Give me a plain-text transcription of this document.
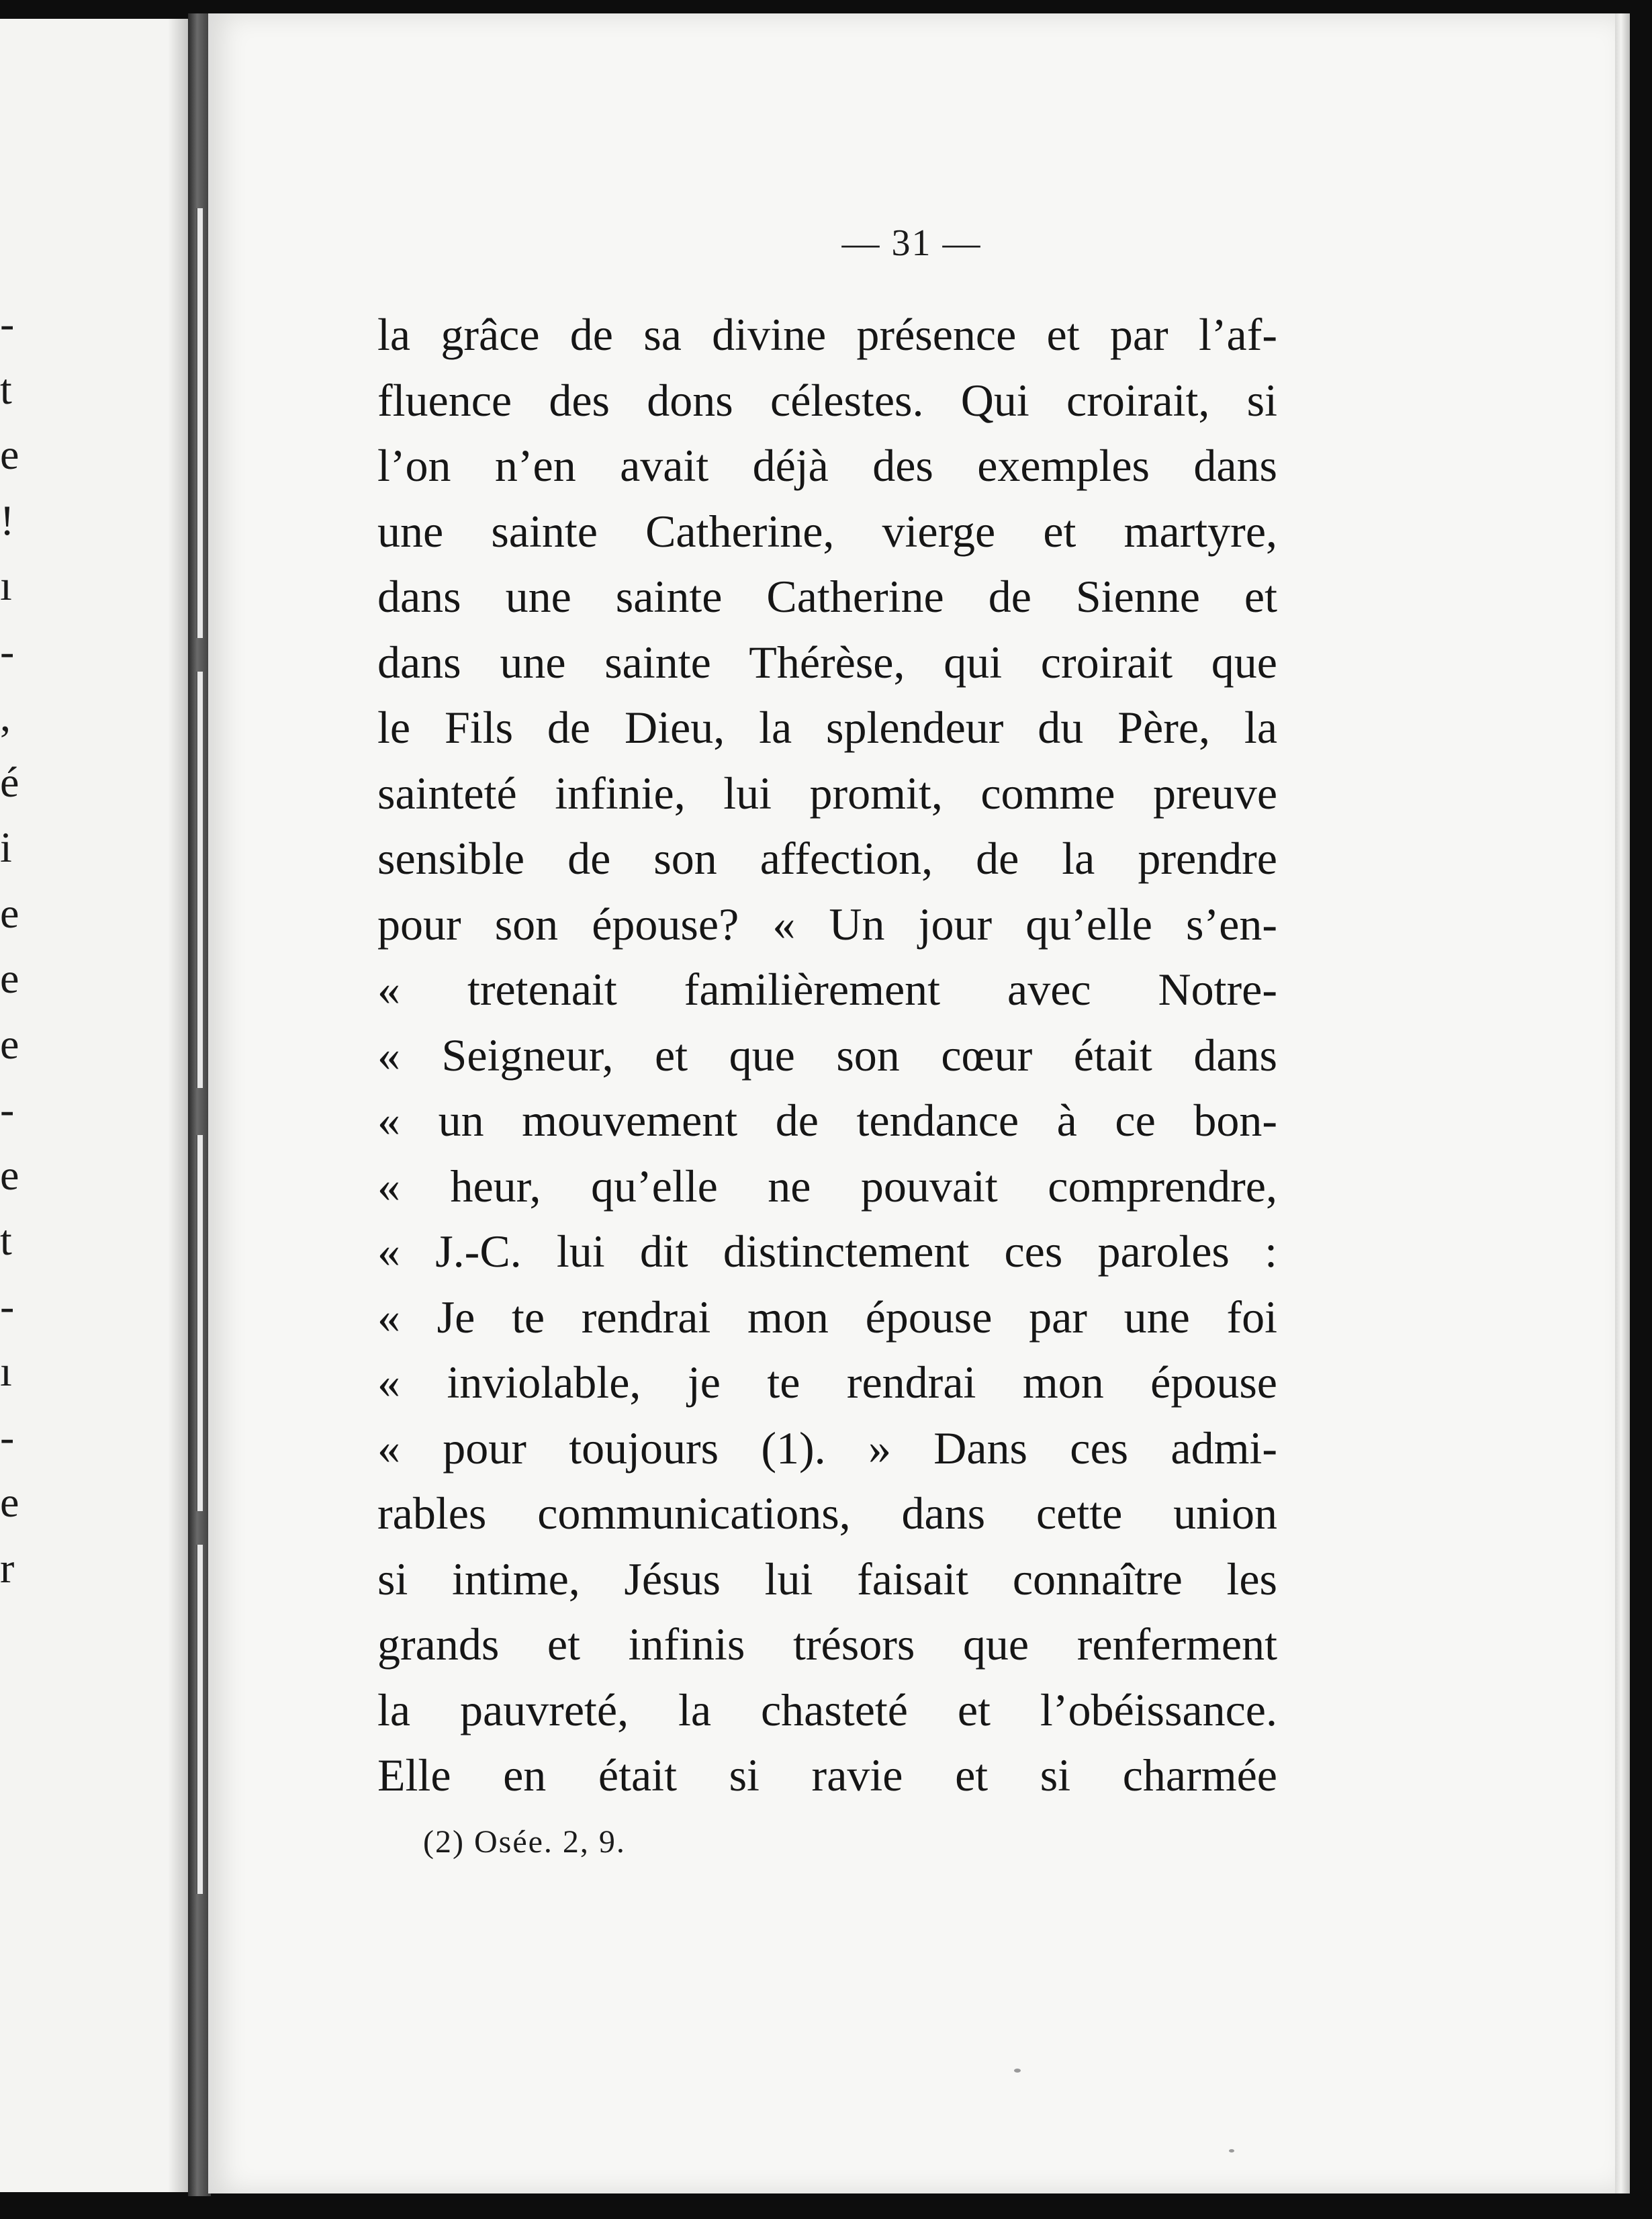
-
t
e
!
ı
-
,
é
i
e
e
e
-
e
t
-
ı
-
e
r
— 31 —
la grâce de sa divine présence et par l’af-
fluence des dons célestes. Qui croirait, si
l’on n’en avait déjà des exemples dans
une sainte Catherine, vierge et martyre,
dans une sainte Catherine de Sienne et
dans une sainte Thérèse, qui croirait que
le Fils de Dieu, la splendeur du Père, la
sainteté infinie, lui promit, comme preuve
sensible de son affection, de la prendre
pour son épouse? « Un jour qu’elle s’en-
« tretenait familièrement avec Notre-
« Seigneur, et que son cœur était dans
« un mouvement de tendance à ce bon-
« heur, qu’elle ne pouvait comprendre,
« J.-C. lui dit distinctement ces paroles :
« Je te rendrai mon épouse par une foi
« inviolable, je te rendrai mon épouse
« pour toujours (1). » Dans ces admi-
rables communications, dans cette union
si intime, Jésus lui faisait connaître les
grands et infinis trésors que renferment
la pauvreté, la chasteté et l’obéissance.
Elle en était si ravie et si charmée
(2) Osée. 2, 9.
